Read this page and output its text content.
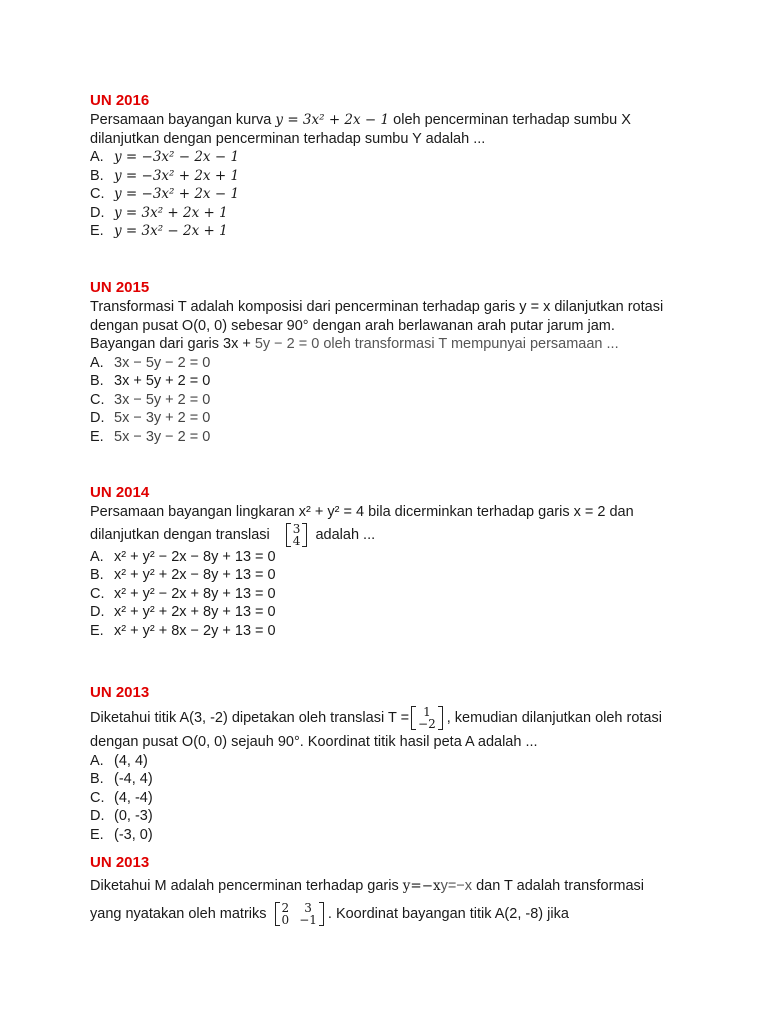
UN 2016
Persamaan bayangan kurva y = 3x² + 2x − 1 oleh pencerminan terhadap sumbu X
dilanjutkan dengan pencerminan terhadap sumbu Y adalah ...
A. y = −3x² − 2x − 1
B. y = −3x² + 2x + 1
C. y = −3x² + 2x − 1
D. y = 3x² + 2x + 1
E. y = 3x² − 2x + 1
UN 2015
Transformasi T adalah komposisi dari pencerminan terhadap garis y = x dilanjutkan rotasi
dengan pusat O(0, 0) sebesar 90° dengan arah berlawanan arah putar jarum jam.
Bayangan dari garis 3x + 5y − 2 = 0 oleh transformasi T mempunyai persamaan ...
A. 3x − 5y − 2 = 0
B. 3x + 5y + 2 = 0
C. 3x − 5y + 2 = 0
D. 5x − 3y + 2 = 0
E. 5x − 3y − 2 = 0
UN 2014
Persamaan bayangan lingkaran x² + y² = 4 bila dicerminkan terhadap garis x = 2 dan
dilanjutkan dengan translasi 3
4 adalah ...
A. x² + y² − 2x − 8y + 13 = 0
B. x² + y² + 2x − 8y + 13 = 0
C. x² + y² − 2x + 8y + 13 = 0
D. x² + y² + 2x + 8y + 13 = 0
E. x² + y² + 8x − 2y + 13 = 0
UN 2013
Diketahui titik A(3, -2) dipetakan oleh translasi T =	1
−2 , kemudian dilanjutkan oleh rotasi
dengan pusat O(0, 0) sejauh 90°. Koordinat titik hasil peta A adalah ...
A. (4, 4)
B. (-4, 4)
C. (4, -4)
D. (0, -3)
E. (-3, 0)
UN 2013
Diketahui M adalah pencerminan terhadap garis y=−xy=−x dan T adalah transformasi
yang nyatakan oleh matriks 2	3
0 −1 . Koordinat bayangan titik A(2, -8) jika
